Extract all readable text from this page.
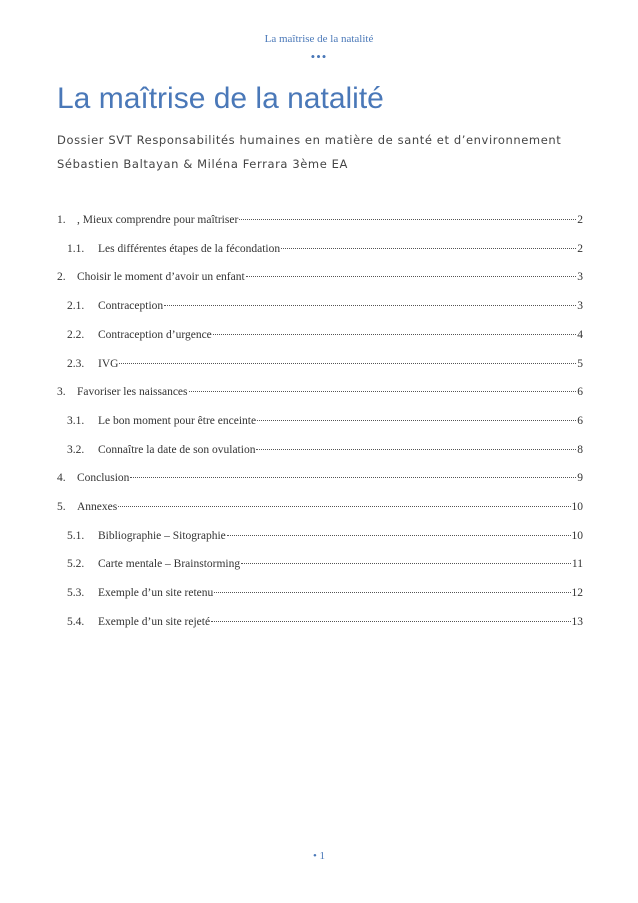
La maîtrise de la natalité
•••
La maîtrise de la natalité
Dossier SVT Responsabilités humaines en matière de santé et d’environnement
Sébastien Baltayan & Miléna Ferrara 3ème EA
1. , Mieux comprendre pour maîtriser	2
1.1.	Les différentes étapes de la fécondation	2
2. Choisir le moment d’avoir un enfant	3
2.1.	Contraception	3
2.2.	Contraception d’urgence	4
2.3.	IVG	5
3. Favoriser les naissances	6
3.1.	Le bon moment pour être enceinte	6
3.2.	Connaître la date de son ovulation	8
4. Conclusion	9
5. Annexes	10
5.1.	Bibliographie – Sitographie	10
5.2.	Carte mentale – Brainstorming	11
5.3.	Exemple d’un site retenu	12
5.4.	Exemple d’un site rejeté	13
• 1
